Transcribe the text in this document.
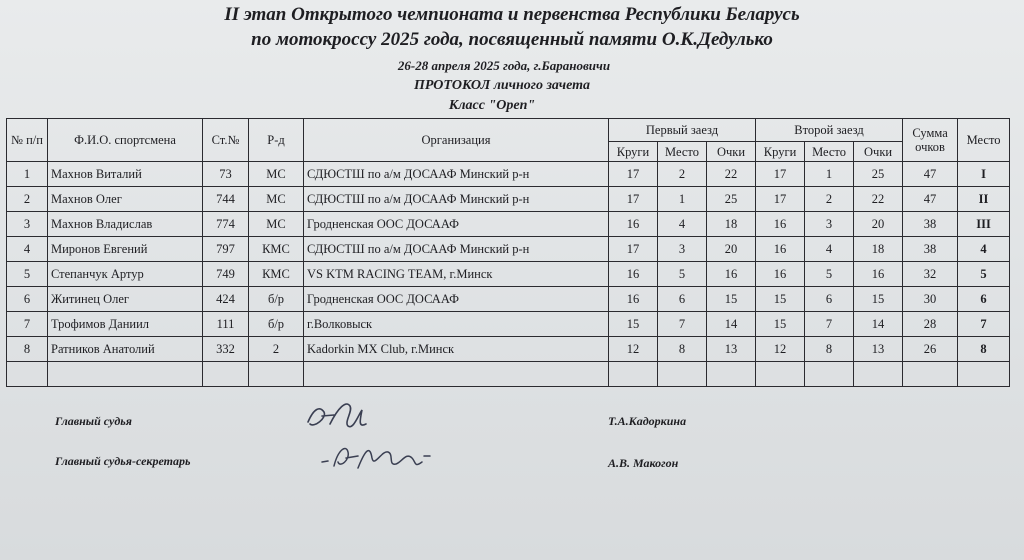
II этап Открытого чемпионата и первенства Республики Беларусь
по мотокроссу 2025 года, посвященный памяти О.К.Дедулько
26-28 апреля 2025 года, г.Барановичи
ПРОТОКОЛ личного зачета
Класс "Open"
№ п/п	Ф.И.О. спортсмена	Ст.№	Р-д	Организация	Первый заезд			Второй заезд			Сумма очков	Место
					Круги	Место	Очки	Круги	Место	Очки		
1	Махнов Виталий	73	МС	СДЮСТШ по а/м ДОСААФ Минский р-н	17	2	22	17	1	25	47	I
2	Махнов Олег	744	МС	СДЮСТШ по а/м ДОСААФ Минский р-н	17	1	25	17	2	22	47	II
3	Махнов Владислав	774	МС	Гродненская ООС ДОСААФ	16	4	18	16	3	20	38	III
4	Миронов Евгений	797	КМС	СДЮСТШ по а/м ДОСААФ Минский р-н	17	3	20	16	4	18	38	4
5	Степанчук Артур	749	КМС	VS KTM RACING TEAM, г.Минск	16	5	16	16	5	16	32	5
6	Житинец Олег	424	б/р	Гродненская ООС ДОСААФ	16	6	15	15	6	15	30	6
7	Трофимов Даниил	111	б/р	г.Волковыск	15	7	14	15	7	14	28	7
8	Ратников Анатолий	332	2	Kadorkin MX Club, г.Минск	12	8	13	12	8	13	26	8

Главный судья
Главный судья-секретарь
Т.А.Кадоркина
А.В. Макогон
